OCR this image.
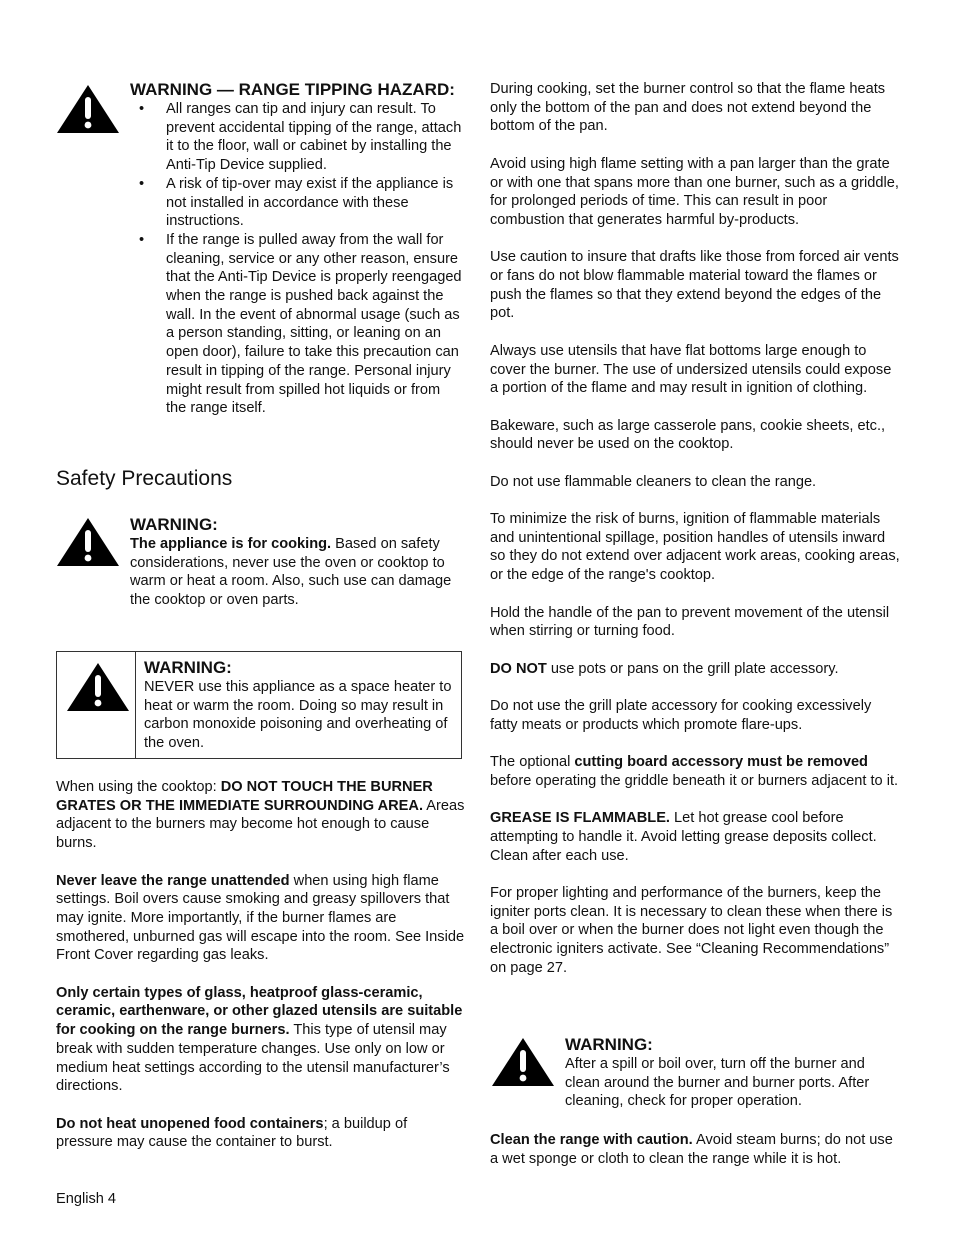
WARNING — RANGE TIPPING HAZARD:

• All ranges can tip and injury can result. To prevent accidental tipping of the range, attach it to the floor, wall or cabinet by installing the Anti-Tip Device supplied.
• A risk of tip-over may exist if the appliance is not installed in accordance with these instructions.
• If the range is pulled away from the wall for cleaning, service or any other reason, ensure that the Anti-Tip Device is properly reengaged when the range is pushed back against the wall. In the event of abnormal usage (such as a person standing, sitting, or leaning on an open door), failure to take this precaution can result in tipping of the range. Personal injury might result from spilled hot liquids or from the range itself.
Safety Precautions

WARNING:

The appliance is for cooking. Based on safety considerations, never use the oven or cooktop to warm or heat a room. Also, such use can damage the cooktop or oven parts.

WARNING:

NEVER use this appliance as a space heater to heat or warm the room. Doing so may result in carbon monoxide poisoning and overheating of the oven.

When using the cooktop: DO NOT TOUCH THE BURNER GRATES OR THE IMMEDIATE SURROUNDING AREA. Areas adjacent to the burners may become hot enough to cause burns.

Never leave the range unattended when using high flame settings. Boil overs cause smoking and greasy spillovers that may ignite. More importantly, if the burner flames are smothered, unburned gas will escape into the room. See Inside Front Cover regarding gas leaks.

Only certain types of glass, heatproof glass-ceramic, ceramic, earthenware, or other glazed utensils are suitable for cooking on the range burners. This type of utensil may break with sudden temperature changes. Use only on low or medium heat settings according to the utensil manufacturer’s directions.

Do not heat unopened food containers; a buildup of pressure may cause the container to burst.

During cooking, set the burner control so that the flame heats only the bottom of the pan and does not extend beyond the bottom of the pan.

Avoid using high flame setting with a pan larger than the grate or with one that spans more than one burner, such as a griddle, for prolonged periods of time. This can result in poor combustion that generates harmful by-products.

Use caution to insure that drafts like those from forced air vents or fans do not blow flammable material toward the flames or push the flames so that they extend beyond the edges of the pot.

Always use utensils that have flat bottoms large enough to cover the burner. The use of undersized utensils could expose a portion of the flame and may result in ignition of clothing.

Bakeware, such as large casserole pans, cookie sheets, etc., should never be used on the cooktop.

Do not use flammable cleaners to clean the range.

To minimize the risk of burns, ignition of flammable materials and unintentional spillage, position handles of utensils inward so they do not extend over adjacent work areas, cooking areas, or the edge of the range's cooktop.

Hold the handle of the pan to prevent movement of the utensil when stirring or turning food.

DO NOT use pots or pans on the grill plate accessory.

Do not use the grill plate accessory for cooking excessively fatty meats or products which promote flare-ups.

The optional cutting board accessory must be removed before operating the griddle beneath it or burners adjacent to it.

GREASE IS FLAMMABLE. Let hot grease cool before attempting to handle it. Avoid letting grease deposits collect. Clean after each use.

For proper lighting and performance of the burners, keep the igniter ports clean. It is necessary to clean these when there is a boil over or when the burner does not light even though the electronic igniters activate. See “Cleaning Recommendations” on page 27.

WARNING:

After a spill or boil over, turn off the burner and clean around the burner and burner ports. After cleaning, check for proper operation.

Clean the range with caution. Avoid steam burns; do not use a wet sponge or cloth to clean the range while it is hot.

English 4
